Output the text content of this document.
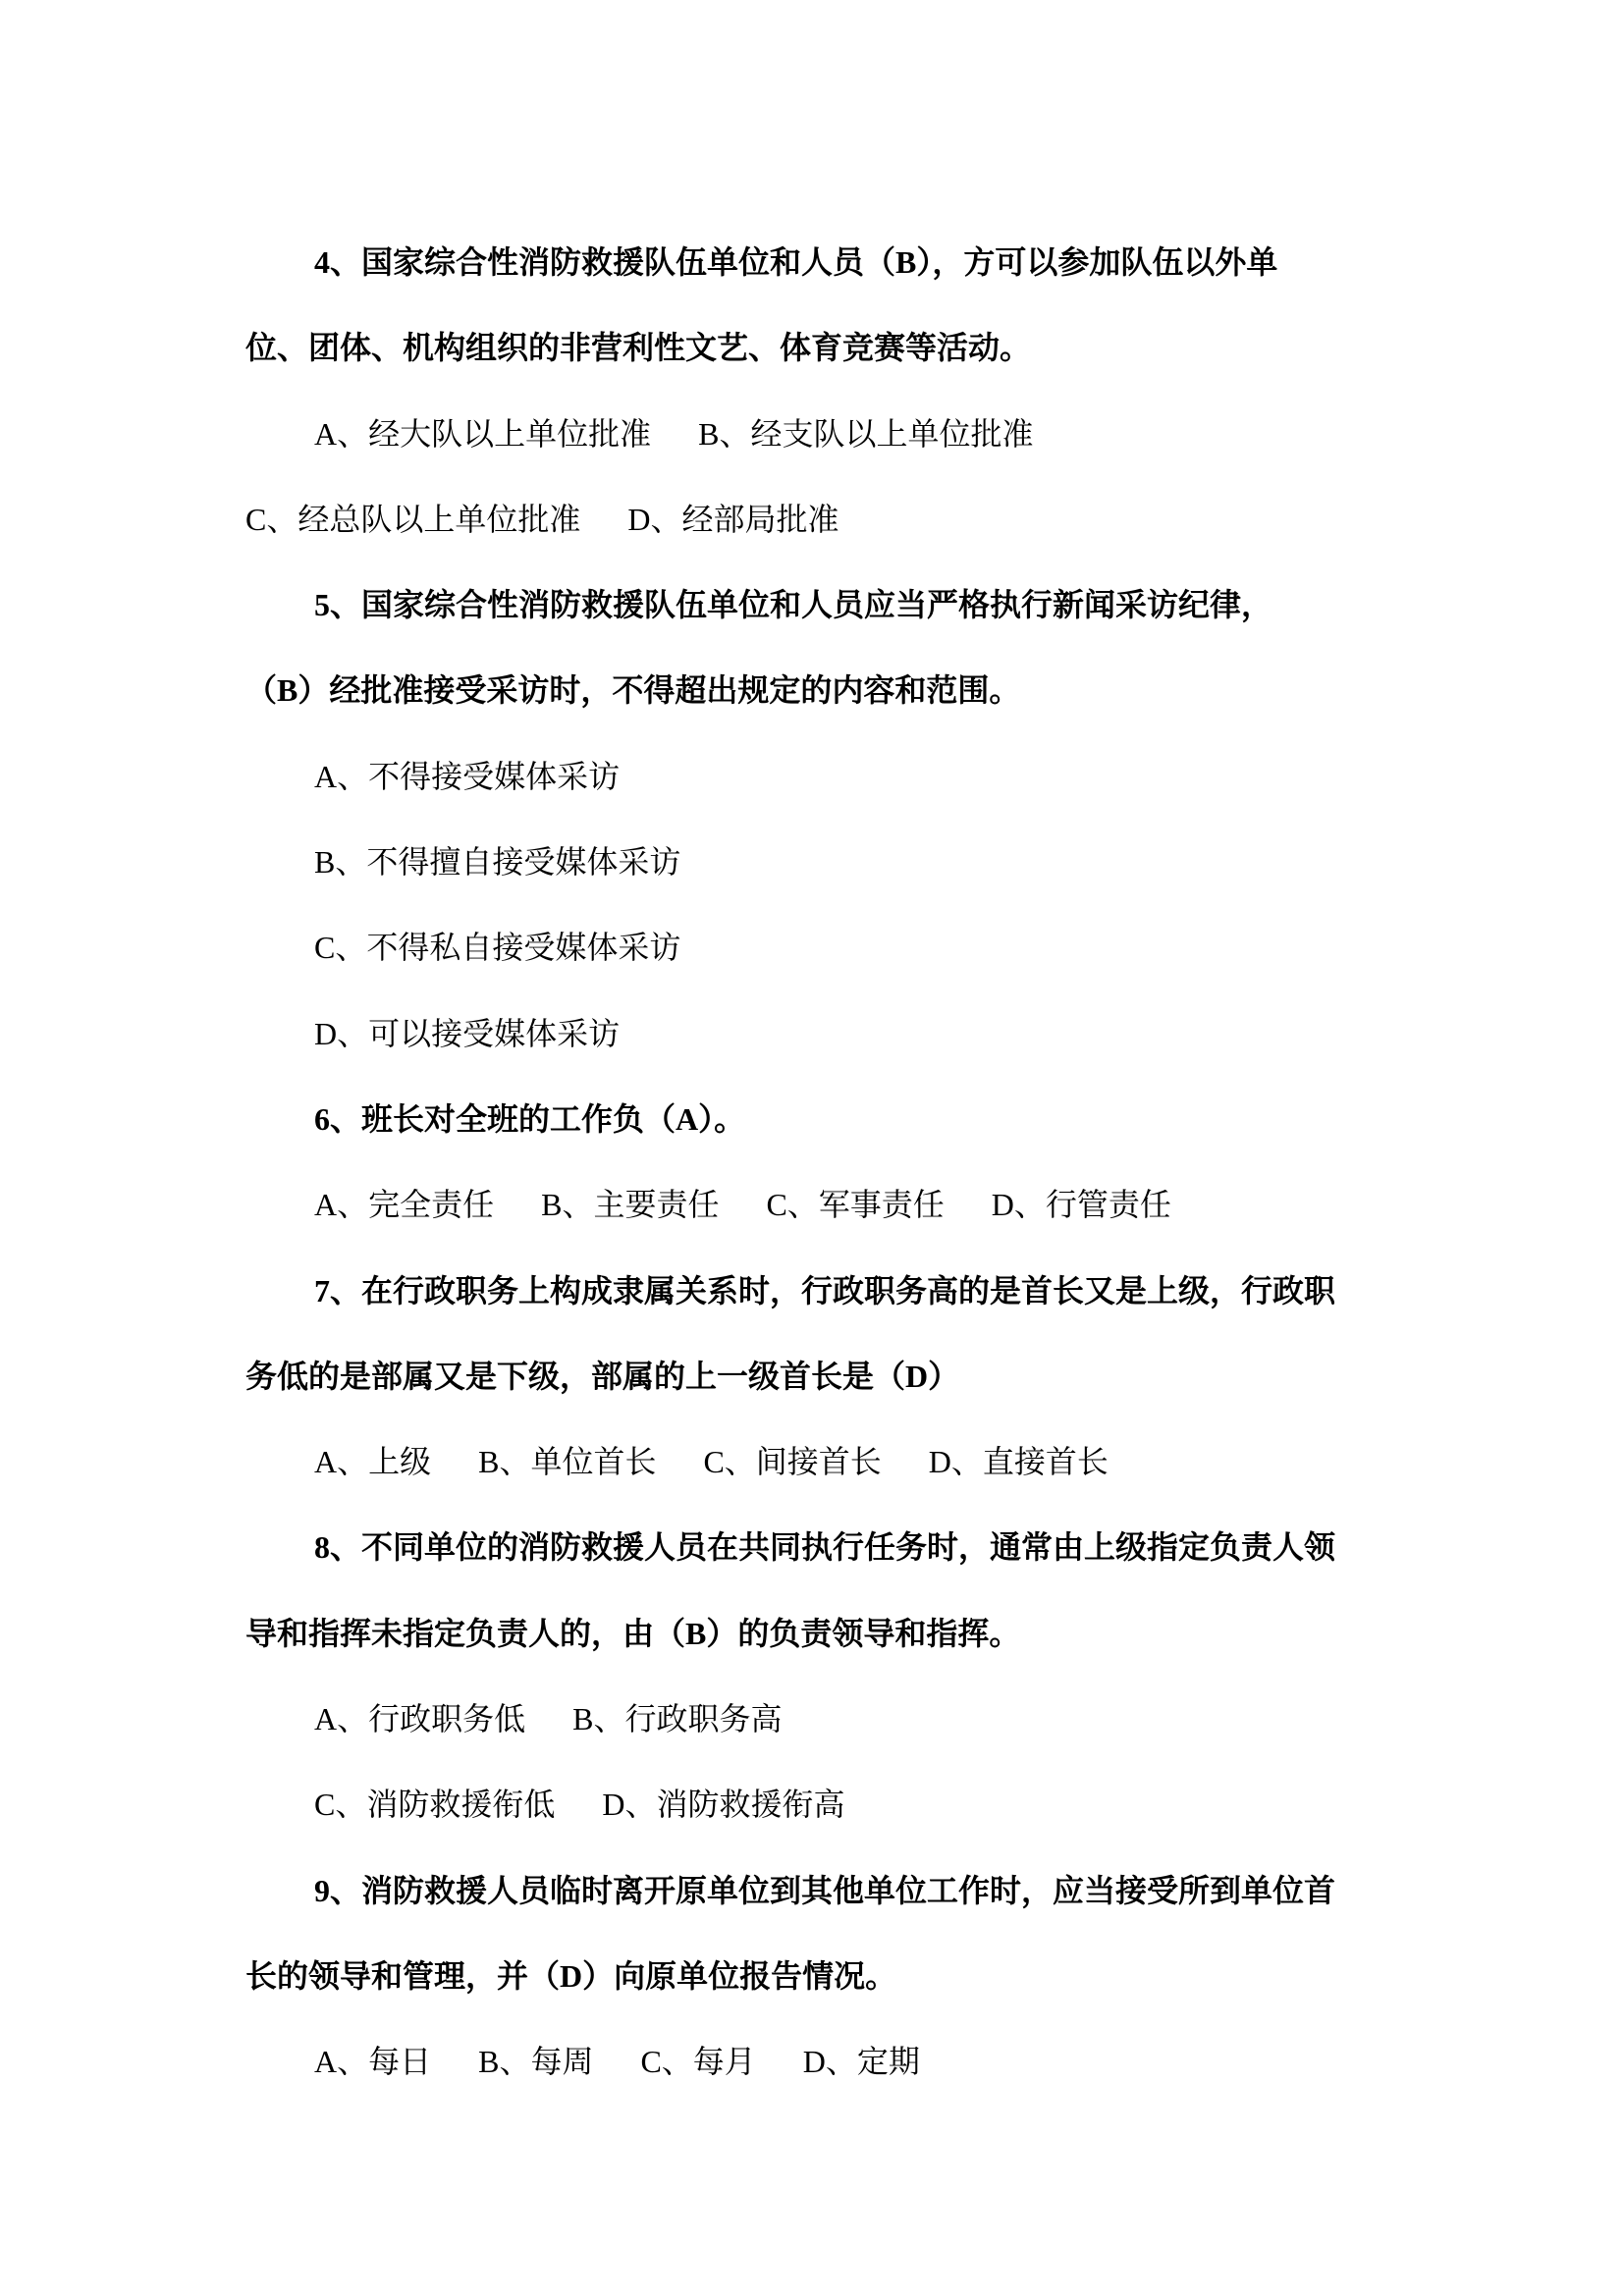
4、国家综合性消防救援队伍单位和人员（B），方可以参加队伍以外单
位、团体、机构组织的非营利性文艺、体育竞赛等活动。
A、经大队以上单位批准      B、经支队以上单位批准
C、经总队以上单位批准      D、经部局批准
5、国家综合性消防救援队伍单位和人员应当严格执行新闻采访纪律，
（B）经批准接受采访时，不得超出规定的内容和范围。
A、不得接受媒体采访
B、不得擅自接受媒体采访
C、不得私自接受媒体采访
D、可以接受媒体采访
6、班长对全班的工作负（A）。
A、完全责任      B、主要责任      C、军事责任      D、行管责任
7、在行政职务上构成隶属关系时，行政职务高的是首长又是上级，行政职
务低的是部属又是下级，部属的上一级首长是（D）
A、上级      B、单位首长      C、间接首长      D、直接首长
8、不同单位的消防救援人员在共同执行任务时，通常由上级指定负责人领
导和指挥未指定负责人的，由（B）的负责领导和指挥。
A、行政职务低      B、行政职务高
C、消防救援衔低      D、消防救援衔高
9、消防救援人员临时离开原单位到其他单位工作时，应当接受所到单位首
长的领导和管理，并（D）向原单位报告情况。
A、每日      B、每周      C、每月      D、定期
